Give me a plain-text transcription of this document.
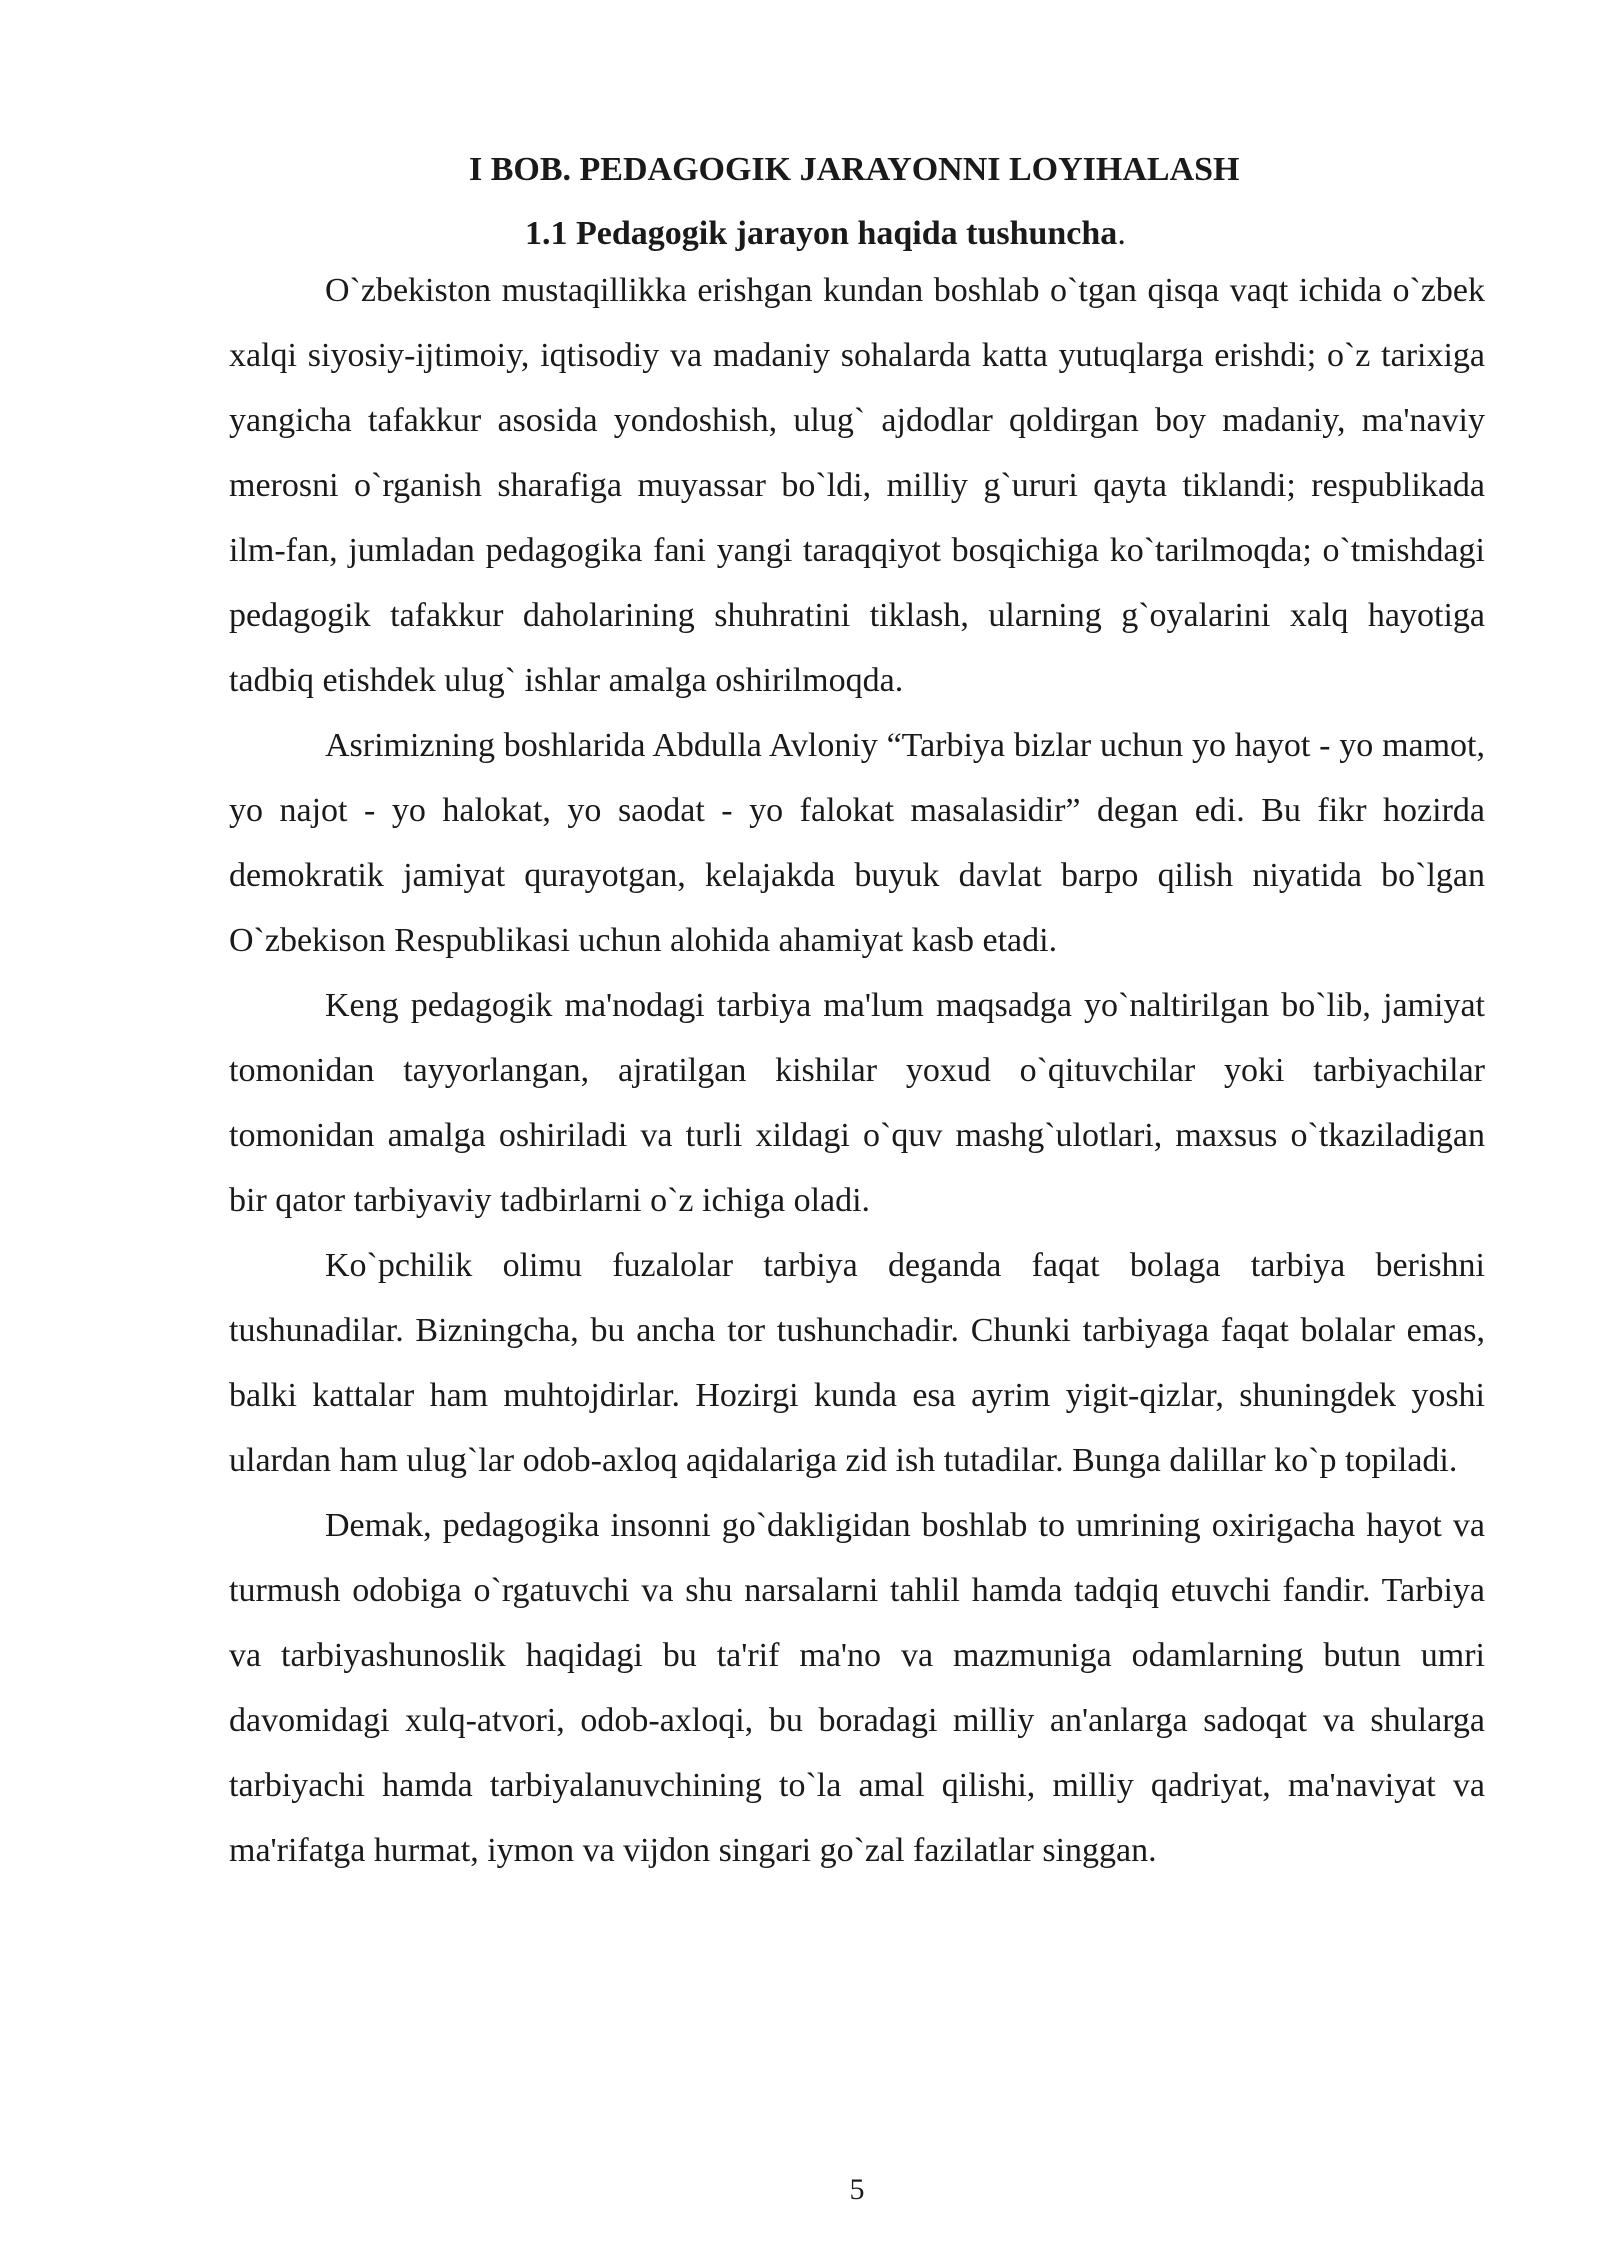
I BOB. PEDAGOGIK JARAYONNI LOYIHALASH
1.1 Pedagogik jarayon haqida tushuncha.

O`zbekiston mustaqillikka erishgan kundan boshlab o`tgan qisqa vaqt ichida o`zbek xalqi siyosiy-ijtimoiy, iqtisodiy va madaniy sohalarda katta yutuqlarga erishdi; o`z tarixiga yangicha tafakkur asosida yondoshish, ulug` ajdodlar qoldirgan boy madaniy, ma'naviy merosni o`rganish sharafiga muyassar bo`ldi, milliy g`ururi qayta tiklandi; respublikada ilm-fan, jumladan pedagogika fani yangi taraqqiyot bosqichiga ko`tarilmoqda; o`tmishdagi pedagogik tafakkur daholarining shuhratini tiklash, ularning g`oyalarini xalq hayotiga tadbiq etishdek ulug` ishlar amalga oshirilmoqda.

Asrimizning boshlarida Abdulla Avloniy “Tarbiya bizlar uchun yo hayot - yo mamot, yo najot - yo halokat, yo saodat - yo falokat masalasidir” degan edi. Bu fikr hozirda demokratik jamiyat qurayotgan, kelajakda buyuk davlat barpo qilish niyatida bo`lgan O`zbekison Respublikasi uchun alohida ahamiyat kasb etadi.

Keng pedagogik ma'nodagi tarbiya ma'lum maqsadga yo`naltirilgan bo`lib, jamiyat tomonidan tayyorlangan, ajratilgan kishilar yoxud o`qituvchilar yoki tarbiyachilar tomonidan amalga oshiriladi va turli xildagi o`quv mashg`ulotlari, maxsus o`tkaziladigan bir qator tarbiyaviy tadbirlarni o`z ichiga oladi.

Ko`pchilik olimu fuzalolar tarbiya deganda faqat bolaga tarbiya berishni tushunadilar. Bizningcha, bu ancha tor tushunchadir. Chunki tarbiyaga faqat bolalar emas, balki kattalar ham muhtojdirlar. Hozirgi kunda esa ayrim yigit-qizlar, shuningdek yoshi ulardan ham ulug`lar odob-axloq aqidalariga zid ish tutadilar. Bunga dalillar ko`p topiladi.

Demak, pedagogika insonni go`dakligidan boshlab to umrining oxirigacha hayot va turmush odobiga o`rgatuvchi va shu narsalarni tahlil hamda tadqiq etuvchi fandir. Tarbiya va tarbiyashunoslik haqidagi bu ta'rif ma'no va mazmuniga odamlarning butun umri davomidagi xulq-atvori, odob-axloqi, bu boradagi milliy an'anlarga sadoqat va shularga tarbiyachi hamda tarbiyalanuvchining to`la amal qilishi, milliy qadriyat, ma'naviyat va ma'rifatga hurmat, iymon va vijdon singari go`zal fazilatlar singgan.

5
